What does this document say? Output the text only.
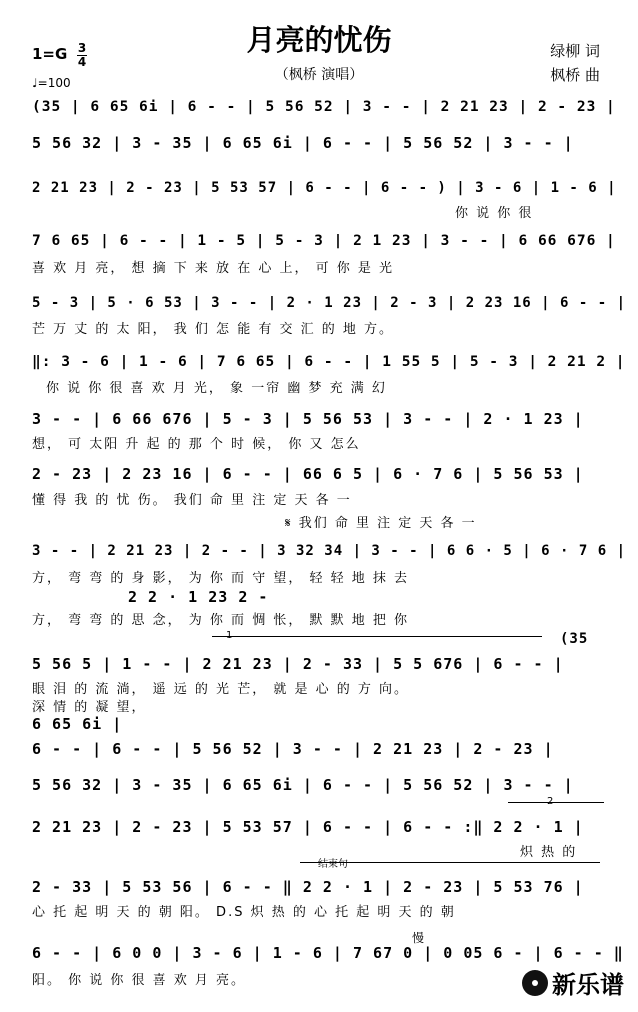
月亮的忧伤
（枫桥 演唱）
1=G 3
4
♩=100
绿柳 词
枫桥 曲
(35 | 6 65 6i | 6 - - | 5 56 52 | 3 - - | 2 21 23 | 2 - 23 |
5 56 32 | 3 - 35 | 6 65 6i | 6 - - | 5 56 52 | 3 - - |
2 21 23 | 2 - 23 | 5 53 57 | 6 - - | 6 - - ) | 3 - 6 | 1 - 6 |
你 说 你 很
7 6 65 | 6 - - | 1 - 5 | 5 - 3 | 2 1 23 | 3 - - | 6 66 676 |
喜 欢 月 亮， 想 摘 下 来 放 在 心 上， 可 你 是 光
5 - 3 | 5 · 6 53 | 3 - - | 2 · 1 23 | 2 - 3 | 2 23 16 | 6 - - |
芒 万 丈 的 太 阳， 我 们 怎 能 有 交 汇 的 地 方。
‖: 3 - 6 | 1 - 6 | 7 6 65 | 6 - - | 1 55 5 | 5 - 3 | 2 21 2 |
你 说 你 很 喜 欢 月 光， 象 一帘 幽 梦 充 满 幻
3 - - | 6 66 676 | 5 - 3 | 5 56 53 | 3 - - | 2 · 1 23 |
想， 可 太阳 升 起 的 那 个 时 候， 你 又 怎么
2 - 23 | 2 23 16 | 6 - - | 66 6 5 | 6 · 7 6 | 5 56 53 |
懂 得 我 的 忧 伤。 我们 命 里 注 定 天 各 一
𝄋 我们 命 里 注 定 天 各 一
3 - - | 2 21 23 | 2 - - | 3 32 34 | 3 - - | 6 6 · 5 | 6 · 7 6 |
方， 弯 弯 的 身 影， 为 你 而 守 望， 轻 轻 地 抹 去
2 2 · 1 23 2 -
方， 弯 弯 的 思 念， 为 你 而 惆 怅， 默 默 地 把 你
5 56 5 | 1 - - | 2 21 23 | 2 - 33 | 5 5 676 | 6 - - |
眼 泪 的 流 淌， 遥 远 的 光 芒， 就 是 心 的 方 向。
深 情 的 凝 望，
6 65 6i |
6 - - | 6 - - | 5 56 52 | 3 - - | 2 21 23 | 2 - 23 |
5 56 32 | 3 - 35 | 6 65 6i | 6 - - | 5 56 52 | 3 - - |
2 21 23 | 2 - 23 | 5 53 57 | 6 - - | 6 - - :‖ 2 2 · 1 |
炽 热 的
2 - 33 | 5 53 56 | 6 - - ‖ 2 2 · 1 | 2 - 23 | 5 53 76 |
心 托 起 明 天 的 朝 阳。 D.S 炽 热 的 心 托 起 明 天 的 朝
6 - - | 6 0 0 | 3 - 6 | 1 - 6 | 7 67 0 | 0 05 6 - | 6 - - ‖
阳。 你 说 你 很 喜 欢 月 亮。
(35
1
2
结束句
慢
新乐谱
